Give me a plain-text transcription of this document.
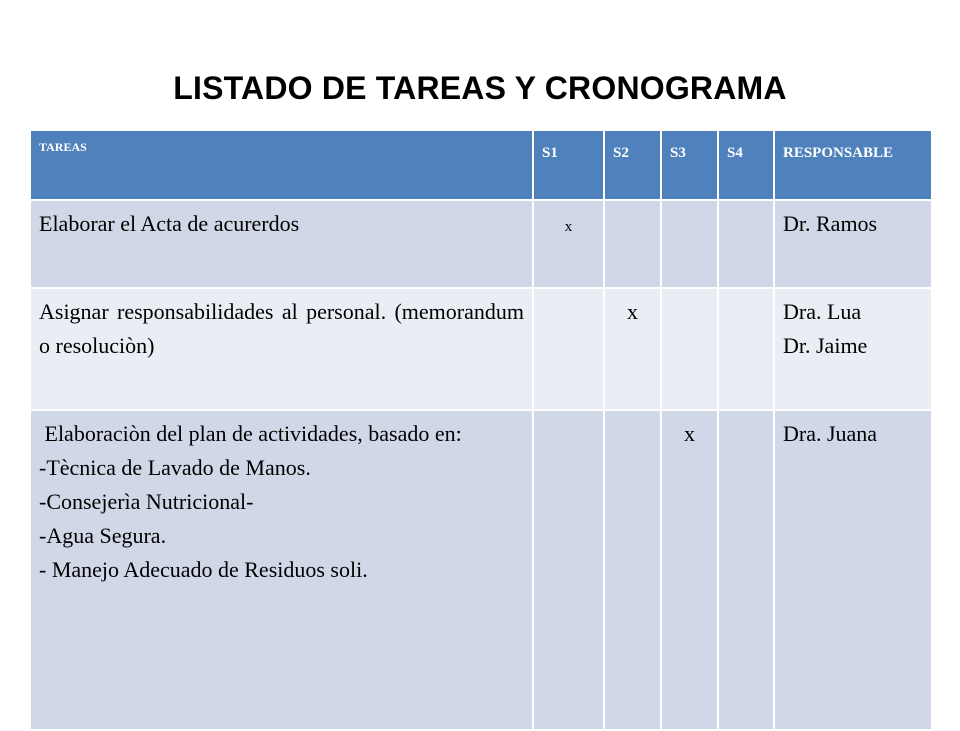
LISTADO DE TAREAS Y CRONOGRAMA
TAREAS	S1	S2	S3	S4	RESPONSABLE

Elaborar el Acta de acurerdos	x				Dr. Ramos

Asignar responsabilidades al personal. (memorandum o resoluciòn)		x			Dra. Lua
Dr. Jaime

Elaboraciòn del plan de actividades, basado en:
-Tècnica de Lavado de Manos.
-Consejerìa Nutricional-
-Agua Segura.
- Manejo Adecuado de Residuos soli.			x		Dra. Juana
